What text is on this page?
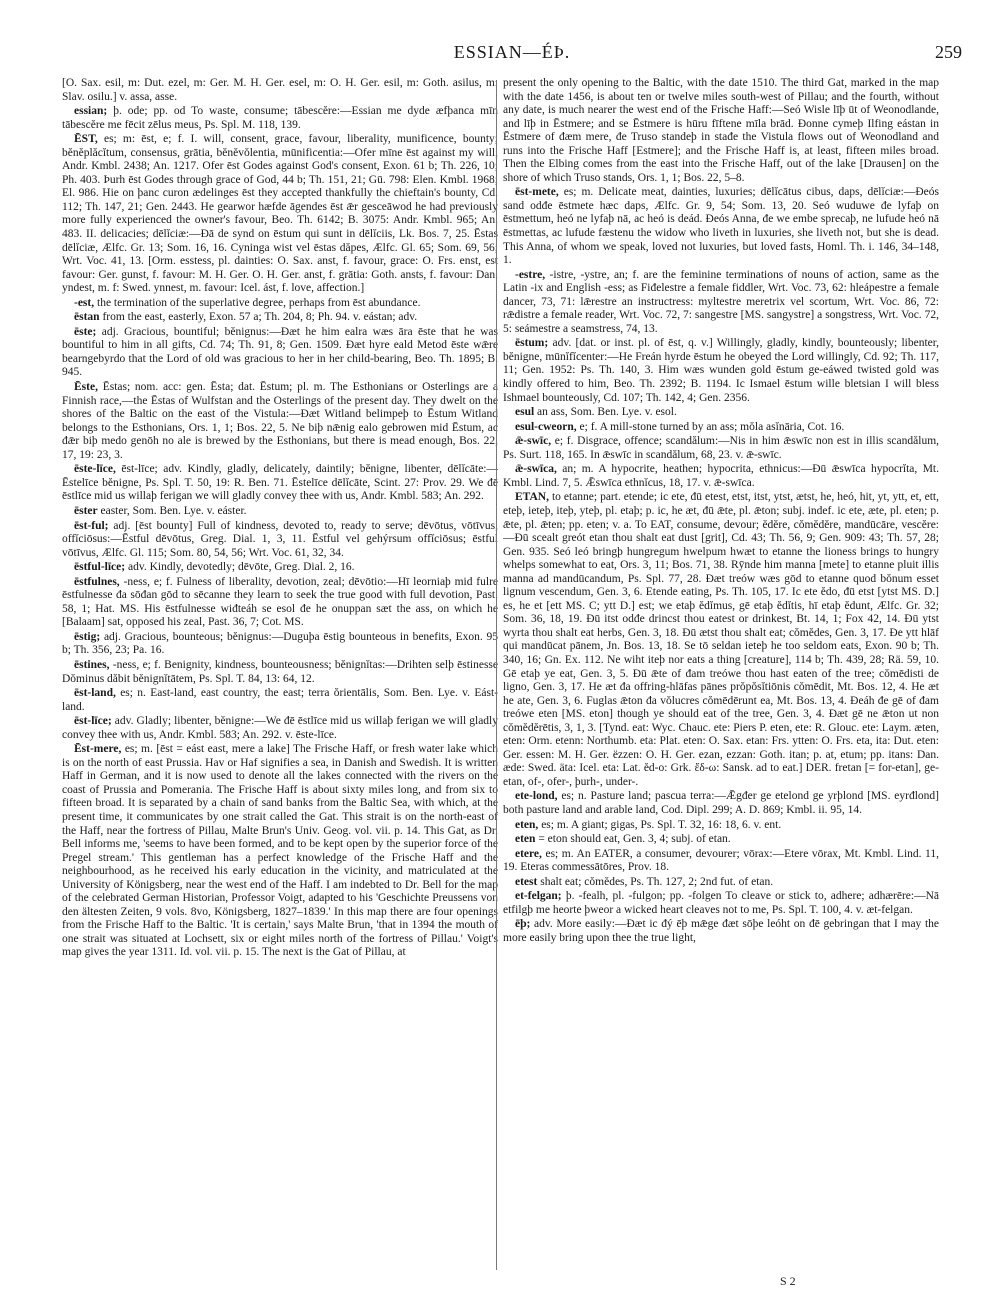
ESSIAN—ÉÞ.	259

[O. Sax. esil, m: Dut. ezel, m: Ger. M. H. Ger. esel, m: O. H. Ger. esil, m: Goth. asilus, m: Slav. osilu.] v. assa, asse.

essian; þ. ode; pp. od To waste, consume; tābescĕre:—Essian me dyde æfþanca mīn tābescĕre me fēcit zēlus meus, Ps. Spl. M. 118, 139.

ĒST, es; m: ēst, e; f. I. will, consent, grace, favour, liberality, munificence, bounty; bĕnĕplăcĭtum, consensus, grātia, bĕnĕvŏlentia, mūnificentia:—Ofer mīne ēst against my will, Andr. Kmbl. 2438; An. 1217. Ofer ēst Godes against God's consent, Exon. 61 b; Th. 226, 10; Ph. 403. Þurh ēst Godes through grace of God, 44 b; Th. 151, 21; Gū. 798: Elen. Kmbl. 1968; El. 986. Hie on þanc curon ædelinges ēst they accepted thankfully the chieftain's bounty, Cd. 112; Th. 147, 21; Gen. 2443. He gearwor hæfde āgendes ēst ǣr gesceāwod he had previously more fully experienced the owner's favour, Beo. Th. 6142; B. 3075: Andr. Kmbl. 965; An. 483. II. delicacies; dēlĭciæ:—Đā de synd on ēstum qui sunt in dēlĭciis, Lk. Bos. 7, 25. Ēstas dēlĭciæ, Ælfc. Gr. 13; Som. 16, 16. Cyninga wist vel ēstas dăpes, Ælfc. Gl. 65; Som. 69, 56; Wrt. Voc. 41, 13. [Orm. esstess, pl. dainties: O. Sax. anst, f. favour, grace: O. Frs. enst, est favour: Ger. gunst, f. favour: M. H. Ger. O. H. Ger. anst, f. grātia: Goth. ansts, f. favour: Dan. yndest, m. f: Swed. ynnest, m. favour: Icel. ást, f. love, affection.]

-est, the termination of the superlative degree, perhaps from ēst abundance.

ēstan from the east, easterly, Exon. 57 a; Th. 204, 8; Ph. 94. v. eástan; adv.

ēste; adj. Gracious, bountiful; bĕnignus:—Đæt he him ealra wæs āra ēste that he was bountiful to him in all gifts, Cd. 74; Th. 91, 8; Gen. 1509. Đæt hyre eald Metod ēste wǣre bearngebyrdo that the Lord of old was gracious to her in her child-bearing, Beo. Th. 1895; B. 945.

Ēste, Ēstas; nom. acc: gen. Ēsta; dat. Ēstum; pl. m. The Esthonians or Osterlings are a Finnish race,—the Ēstas of Wulfstan and the Osterlings of the present day. They dwelt on the shores of the Baltic on the east of the Vistula:—Đæt Witland belimpeþ to Ēstum Witland belongs to the Esthonians, Ors. 1, 1; Bos. 22, 5. Ne biþ nǣnig ealo gebrowen mid Ēstum, ac đǣr biþ medo genōh no ale is brewed by the Esthonians, but there is mead enough, Bos. 22, 17, 19: 23, 3.

ēste-līce, ēst-līce; adv. Kindly, gladly, delicately, daintily; bĕnigne, libenter, dēlĭcāte:—Ēstelīce bĕnigne, Ps. Spl. T. 50, 19: R. Ben. 71. Ēstelīce dēlĭcāte, Scint. 27: Prov. 29. We đē ēstlīce mid us willaþ ferigan we will gladly convey thee with us, Andr. Kmbl. 583; An. 292.

ēster easter, Som. Ben. Lye. v. eáster.

ēst-ful; adj. [ēst bounty] Full of kindness, devoted to, ready to serve; dēvōtus, vōtīvus, offĭciōsus:—Ēstful dēvōtus, Greg. Dial. 1, 3, 11. Ēstful vel gehýrsum offĭciōsus; ēstful vōtīvus, Ælfc. Gl. 115; Som. 80, 54, 56; Wrt. Voc. 61, 32, 34.

ēstful-līce; adv. Kindly, devotedly; dēvōte, Greg. Dial. 2, 16.

ēstfulnes, -ness, e; f. Fulness of liberality, devotion, zeal; dēvōtio:—Hī leorniaþ mid fulre ēstfulnesse đa sōđan gōd to sēcanne they learn to seek the true good with full devotion, Past. 58, 1; Hat. MS. His ēstfulnesse wiđteáh se esol đe he onuppan sæt the ass, on which he [Balaam] sat, opposed his zeal, Past. 36, 7; Cot. MS.

ēstig; adj. Gracious, bounteous; bĕnignus:—Duguþa ēstig bounteous in benefits, Exon. 95 b; Th. 356, 23; Pa. 16.

ēstines, -ness, e; f. Benignity, kindness, bounteousness; bĕnignĭtas:—Drihten selþ ēstinesse Dŏminus dăbit bĕnignĭtātem, Ps. Spl. T. 84, 13: 64, 12.

ēst-land, es; n. East-land, east country, the east; terra ŏrientālis, Som. Ben. Lye. v. Eást-land.

ēst-līce; adv. Gladly; libenter, bĕnigne:—We đē ēstlīce mid us willaþ ferigan we will gladly convey thee with us, Andr. Kmbl. 583; An. 292. v. ēste-līce.

Ēst-mere, es; m. [ēst = eást east, mere a lake] The Frische Haff, or fresh water lake which is on the north of east Prussia. Hav or Haf signifies a sea, in Danish and Swedish. It is written Haff in German, and it is now used to denote all the lakes connected with the rivers on the coast of Prussia and Pomerania. The Frische Haff is about sixty miles long, and from six to fifteen broad. It is separated by a chain of sand banks from the Baltic Sea, with which, at the present time, it communicates by one strait called the Gat. This strait is on the north-east of the Haff, near the fortress of Pillau, Malte Brun's Univ. Geog. vol. vii. p. 14. This Gat, as Dr. Bell informs me, 'seems to have been formed, and to be kept open by the superior force of the Pregel stream.' This gentleman has a perfect knowledge of the Frische Haff and the neighbourhood, as he received his early education in the vicinity, and matriculated at the University of Königsberg, near the west end of the Haff. I am indebted to Dr. Bell for the map of the celebrated German Historian, Professor Voigt, adapted to his 'Geschichte Preussens von den ältesten Zeiten, 9 vols. 8vo, Königsberg, 1827–1839.' In this map there are four openings from the Frische Haff to the Baltic. 'It is certain,' says Malte Brun, 'that in 1394 the mouth of one strait was situated at Lochsett, six or eight miles north of the fortress of Pillau.' Voigt's map gives the year 1311. Id. vol. vii. p. 15. The next is the Gat of Pillau, at

present the only opening to the Baltic, with the date 1510. The third Gat, marked in the map with the date 1456, is about ten or twelve miles south-west of Pillau; and the fourth, without any date, is much nearer the west end of the Frische Haff:—Seó Wisle līþ ūt of Weonodlande, and līþ in Ēstmere; and se Ēstmere is hūru fīftene mīla brād. Đonne cymeþ Ilfing eástan in Ēstmere of đæm mere, đe Truso standeþ in stađe the Vistula flows out of Weonodland and runs into the Frische Haff [Estmere]; and the Frische Haff is, at least, fifteen miles broad. Then the Elbing comes from the east into the Frische Haff, out of the lake [Drausen] on the shore of which Truso stands, Ors. 1, 1; Bos. 22, 5–8.

ēst-mete, es; m. Delicate meat, dainties, luxuries; dēlĭcātus cibus, daps, dēlĭciæ:—Đeós sand odđe ēstmete hæc daps, Ælfc. Gr. 9, 54; Som. 13, 20. Seó wuduwe đe lyfaþ on ēstmettum, heó ne lyfaþ nā, ac heó is deád. Đeós Anna, đe we embe sprecaþ, ne lufude heó nā ēstmettas, ac lufude fæstenu the widow who liveth in luxuries, she liveth not, but she is dead. This Anna, of whom we speak, loved not luxuries, but loved fasts, Homl. Th. i. 146, 34–148, 1.

-estre, -istre, -ystre, an; f. are the feminine terminations of nouns of action, same as the Latin -ix and English -ess; as Fiđelestre a female fiddler, Wrt. Voc. 73, 62: hleápestre a female dancer, 73, 71: lǣrestre an instructress: myltestre meretrix vel scortum, Wrt. Voc. 86, 72: rǣdistre a female reader, Wrt. Voc. 72, 7: sangestre [MS. sangystre] a songstress, Wrt. Voc. 72, 5: seámestre a seamstress, 74, 13.

ēstum; adv. [dat. or inst. pl. of ēst, q. v.] Willingly, gladly, kindly, bounteously; libenter, bĕnigne, mūnĭfĭcenter:—He Freán hyrde ēstum he obeyed the Lord willingly, Cd. 92; Th. 117, 11; Gen. 1952: Ps. Th. 140, 3. Him wæs wunden gold ēstum ge-eáwed twisted gold was kindly offered to him, Beo. Th. 2392; B. 1194. Ic Ismael ēstum wille bletsian I will bless Ishmael bounteously, Cd. 107; Th. 142, 4; Gen. 2356.

esul an ass, Som. Ben. Lye. v. esol.

esul-cweorn, e; f. A mill-stone turned by an ass; mŏla asĭnāria, Cot. 16.

ǣ-swīc, e; f. Disgrace, offence; scandălum:—Nis in him ǣswīc non est in illis scandălum, Ps. Surt. 118, 165. In ǣswīc in scandălum, 68, 23. v. ǣ-swīc.

ǣ-swīca, an; m. A hypocrite, heathen; hypocrita, ethnicus:—Đū ǣswīca hypocrĭta, Mt. Kmbl. Lind. 7, 5. Ǣswīca ethnĭcus, 18, 17. v. ǣ-swīca.

ETAN, to etanne; part. etende; ic ete, đū etest, etst, itst, ytst, ætst, he, heó, hit, yt, ytt, et, ett, eteþ, ieteþ, iteþ, yteþ, pl. etaþ; p. ic, he æt, đū ǣte, pl. ǣton; subj. indef. ic ete, æte, pl. eten; p. ǣte, pl. ǣten; pp. eten; v. a. To EAT, consume, devour; ĕdĕre, cŏmĕdĕre, mandūcāre, vescĕre:—Đū scealt greót etan thou shalt eat dust [grit], Cd. 43; Th. 56, 9; Gen. 909: 43; Th. 57, 28; Gen. 935. Seó leó bringþ hungregum hwelpum hwæt to etanne the lioness brings to hungry whelps somewhat to eat, Ors. 3, 11; Bos. 71, 38. Rȳnde him manna [mete] to etanne pluit illis manna ad mandūcandum, Ps. Spl. 77, 28. Đæt treów wæs gōd to etanne quod bŏnum esset lignum vescendum, Gen. 3, 6. Etende eating, Ps. Th. 105, 17. Ic ete ĕdo, đū etst [ytst MS. D.] es, he et [ett MS. C; ytt D.] est; we etaþ ĕdĭmus, gē etaþ ĕdĭtis, hī etaþ ĕdunt, Ælfc. Gr. 32; Som. 36, 18, 19. Đū itst odđe drincst thou eatest or drinkest, Bt. 14, 1; Fox 42, 14. Đū ytst wyrta thou shalt eat herbs, Gen. 3, 18. Đū ætst thou shalt eat; cŏmĕdes, Gen. 3, 17. Đe ytt hlāf qui mandūcat pānem, Jn. Bos. 13, 18. Se tō seldan ieteþ he too seldom eats, Exon. 90 b; Th. 340, 16; Gn. Ex. 112. Ne wiht iteþ nor eats a thing [creature], 114 b; Th. 439, 28; Rä. 59, 10. Gē etaþ ye eat, Gen. 3, 5. Đū ǣte of đam treówe thou hast eaten of the tree; cŏmēdisti de ligno, Gen. 3, 17. He æt đa offring-hlāfas pānes prŏpŏsĭtiōnis cŏmēdit, Mt. Bos. 12, 4. He æt he ate, Gen. 3, 6. Fuglas ǣton đa vŏlucres cŏmēdērunt ea, Mt. Bos. 13, 4. Đeáh đe gē of đam treówe eten [MS. eton] though ye should eat of the tree, Gen. 3, 4. Đæt gē ne ǣton ut non cŏmĕdĕrētis, 3, 1, 3. [Tynd. eat: Wyc. Chauc. ete: Piers P. eten, ete: R. Glouc. ete: Laym. æten, eten: Orm. etenn: Northumb. eta: Plat. eten: O. Sax. etan: Frs. ytten: O. Frs. eta, ita: Dut. eten: Ger. essen: M. H. Ger. ëzzen: O. H. Ger. ezan, ezzan: Goth. itan; p. at, etum; pp. itans: Dan. æde: Swed. äta: Icel. eta: Lat. ĕd-o: Grk. ἔδ-ω: Sansk. ad to eat.] DER. fretan [= for-etan], ge-etan, of-, ofer-, þurh-, under-.

ete-lond, es; n. Pasture land; pascua terra:—Ǣgđer ge etelond ge yrþlond [MS. eyrđlond] both pasture land and arable land, Cod. Dipl. 299; A. D. 869; Kmbl. ii. 95, 14.

eten, es; m. A giant; gigas, Ps. Spl. T. 32, 16: 18, 6. v. ent.

eten = eton should eat, Gen. 3, 4; subj. of etan.

etere, es; m. An EATER, a consumer, devourer; vōrax:—Etere vōrax, Mt. Kmbl. Lind. 11, 19. Eteras commessātōres, Prov. 18.

etest shalt eat; cŏmĕdes, Ps. Th. 127, 2; 2nd fut. of etan.

et-felgan; þ. -fealh, pl. -fulgon; pp. -folgen To cleave or stick to, adhere; adhærēre:—Nā etfilgþ me heorte þweor a wicked heart cleaves not to me, Ps. Spl. T. 100, 4. v. æt-felgan.

ēþ; adv. More easily:—Đæt ic đý ēþ mǣge đæt sōþe leóht on đē gebringan that I may the more easily bring upon thee the true light,

S 2
